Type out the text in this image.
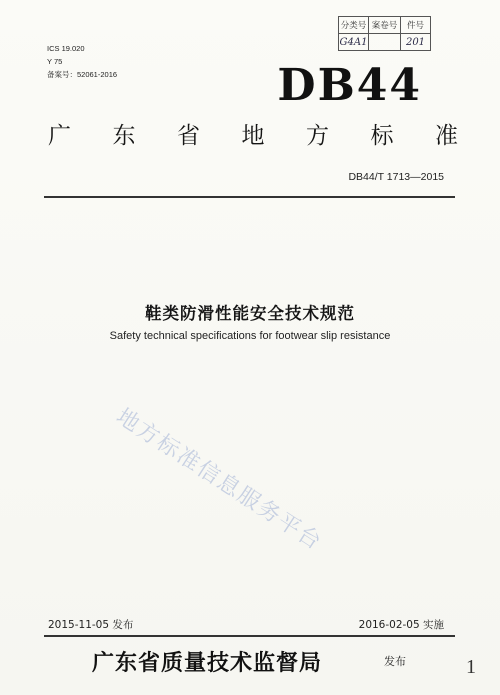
ICS 19.020
Y 75
备案号：52061-2016
分类号	案卷号	件号
G4A1		201
DB44
广 东 省 地 方 标 准
DB44/T 1713—2015
鞋类防滑性能安全技术规范
Safety technical specifications for footwear slip resistance
地方标准信息服务平台
2015-11-05 发布	2016-02-05 实施
广东省质量技术监督局	发布	1
